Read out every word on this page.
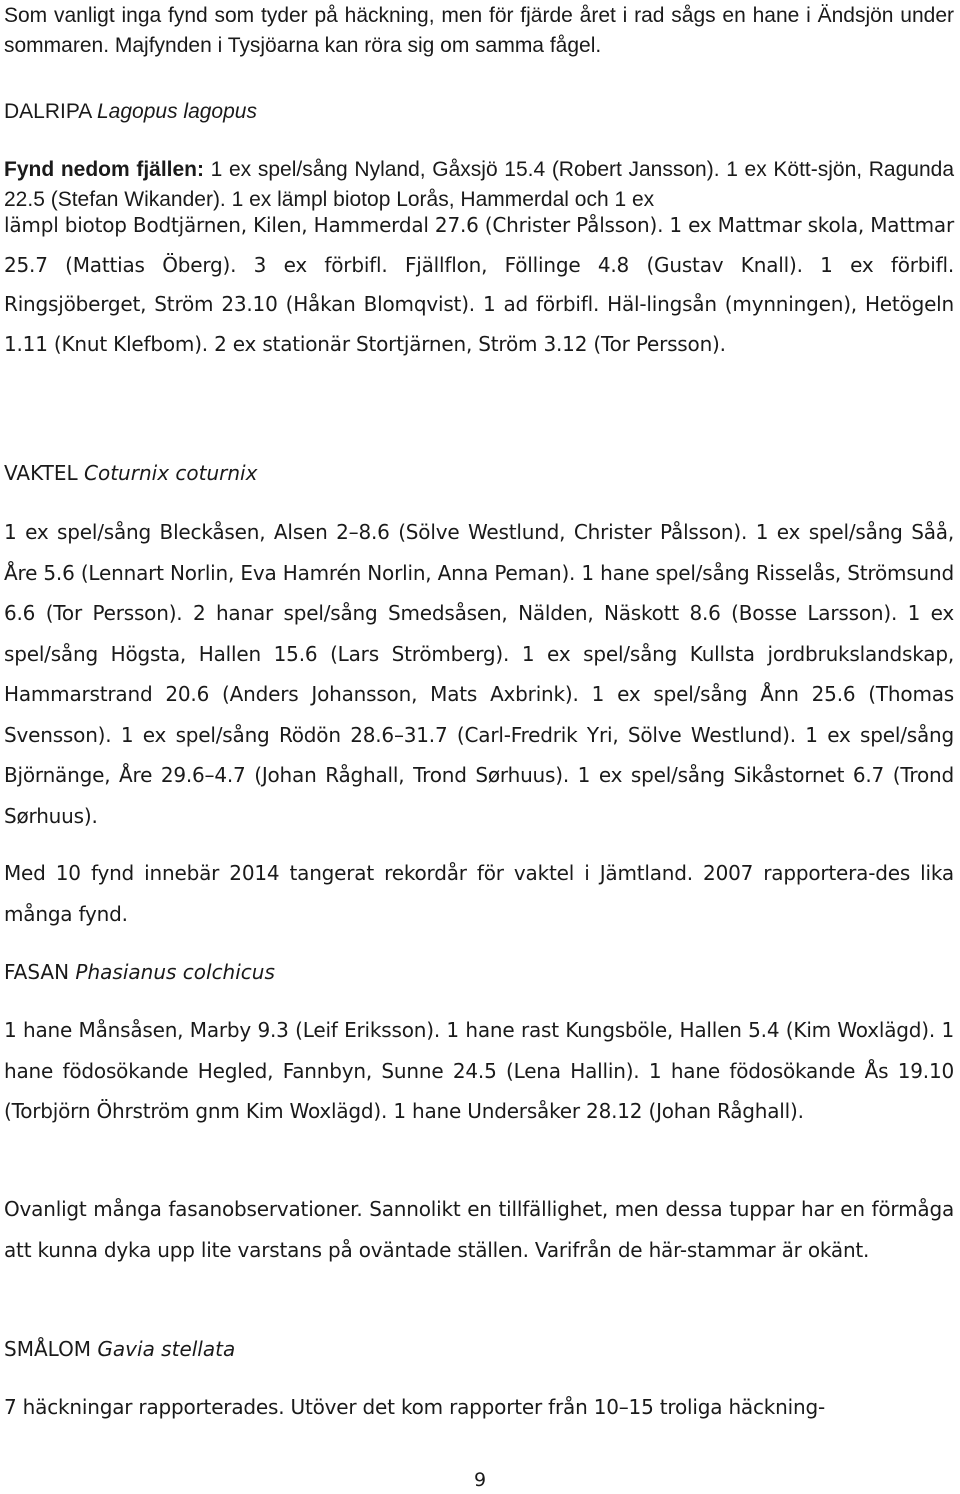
Som vanligt inga fynd som tyder på häckning, men för fjärde året i rad sågs en hane i Ändsjön under sommaren. Majfynden i Tysjöarna kan röra sig om samma fågel.

DALRIPA Lagopus lagopus

Fynd nedom fjällen: 1 ex spel/sång Nyland, Gåxsjö 15.4 (Robert Jansson). 1 ex Kött-sjön, Ragunda 22.5 (Stefan Wikander). 1 ex lämpl biotop Lorås, Hammerdal och 1 ex

lämpl biotop Bodtjärnen, Kilen, Hammerdal 27.6 (Christer Pålsson). 1 ex Mattmar skola, Mattmar 25.7 (Mattias Öberg). 3 ex förbifl. Fjällflon, Föllinge 4.8 (Gustav Knall). 1 ex förbifl. Ringsjöberget, Ström 23.10 (Håkan Blomqvist). 1 ad förbifl. Häl-lingsån (mynningen), Hetögeln 1.11 (Knut Klefbom). 2 ex stationär Stortjärnen, Ström 3.12 (Tor Persson).

VAKTEL Coturnix coturnix

1 ex spel/sång Bleckåsen, Alsen 2–8.6 (Sölve Westlund, Christer Pålsson). 1 ex spel/sång Såå, Åre 5.6 (Lennart Norlin, Eva Hamrén Norlin, Anna Peman). 1 hane spel/sång Risselås, Strömsund 6.6 (Tor Persson). 2 hanar spel/sång Smedsåsen, Nälden, Näskott 8.6 (Bosse Larsson). 1 ex spel/sång Högsta, Hallen 15.6 (Lars Strömberg). 1 ex spel/sång Kullsta jordbrukslandskap, Hammarstrand 20.6 (Anders Johansson, Mats Axbrink). 1 ex spel/sång Ånn 25.6 (Thomas Svensson). 1 ex spel/sång Rödön 28.6–31.7 (Carl-Fredrik Yri, Sölve Westlund). 1 ex spel/sång Björnänge, Åre 29.6–4.7 (Johan Råghall, Trond Sørhuus). 1 ex spel/sång Sikåstornet 6.7 (Trond Sørhuus).

Med 10 fynd innebär 2014 tangerat rekordår för vaktel i Jämtland. 2007 rapportera-des lika många fynd.

FASAN Phasianus colchicus

1 hane Månsåsen, Marby 9.3 (Leif Eriksson). 1 hane rast Kungsböle, Hallen 5.4 (Kim Woxlägd). 1 hane födosökande Hegled, Fannbyn, Sunne 24.5 (Lena Hallin). 1 hane födosökande Ås 19.10 (Torbjörn Öhrström gnm Kim Woxlägd). 1 hane Undersåker 28.12 (Johan Råghall).

Ovanligt många fasanobservationer. Sannolikt en tillfällighet, men dessa tuppar har en förmåga att kunna dyka upp lite varstans på oväntade ställen. Varifrån de här-stammar är okänt.

SMÅLOM Gavia stellata

7 häckningar rapporterades. Utöver det kom rapporter från 10–15 troliga häckning-

9
